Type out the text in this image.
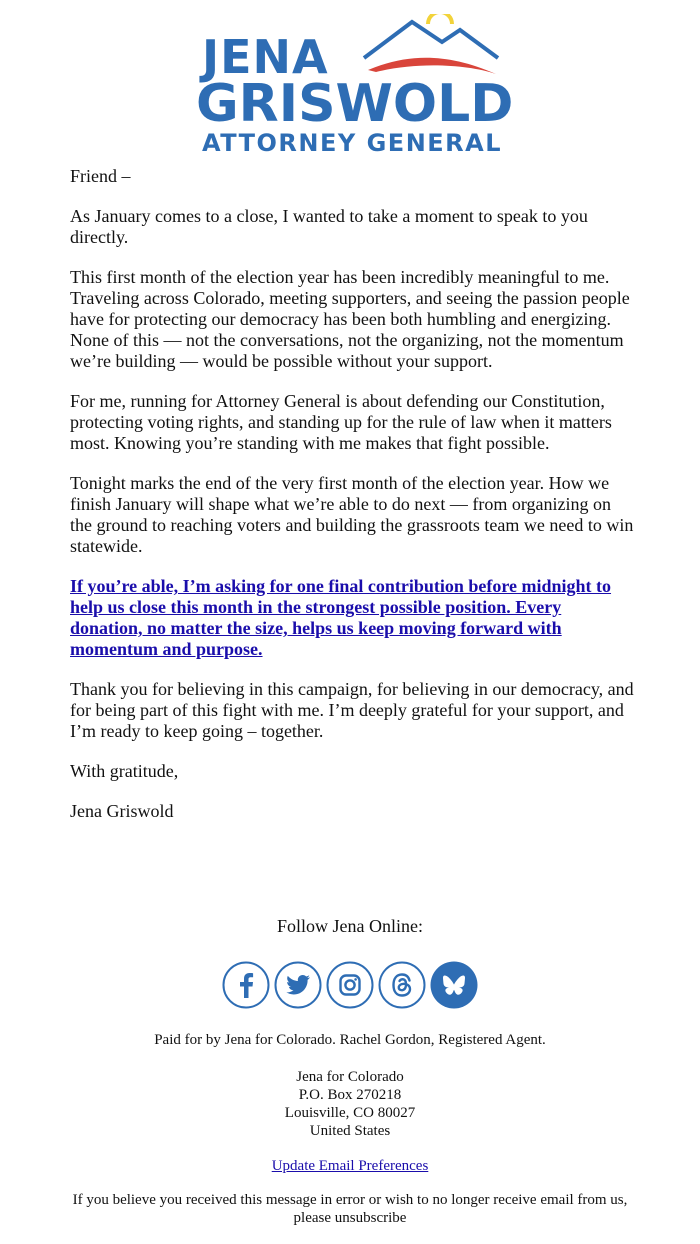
JENA
GRISWOLD
ATTORNEY GENERAL

Friend –

As January comes to a close, I wanted to take a moment to speak to you directly.

This first month of the election year has been incredibly meaningful to me. Traveling across Colorado, meeting supporters, and seeing the passion people have for protecting our democracy has been both humbling and energizing. None of this — not the conversations, not the organizing, not the momentum we’re building — would be possible without your support.

For me, running for Attorney General is about defending our Constitution, protecting voting rights, and standing up for the rule of law when it matters most. Knowing you’re standing with me makes that fight possible.

Tonight marks the end of the very first month of the election year. How we finish January will shape what we’re able to do next — from organizing on the ground to reaching voters and building the grassroots team we need to win statewide.

If you’re able, I’m asking for one final contribution before midnight to help us close this month in the strongest possible position. Every donation, no matter the size, helps us keep moving forward with momentum and purpose.

Thank you for believing in this campaign, for believing in our democracy, and for being part of this fight with me. I’m deeply grateful for your support, and I’m ready to keep going – together.

With gratitude,

Jena Griswold

Follow Jena Online:

Paid for by Jena for Colorado. Rachel Gordon, Registered Agent.

Jena for Colorado
P.O. Box 270218
Louisville, CO 80027
United States

Update Email Preferences

If you believe you received this message in error or wish to no longer receive email from us, please unsubscribe
